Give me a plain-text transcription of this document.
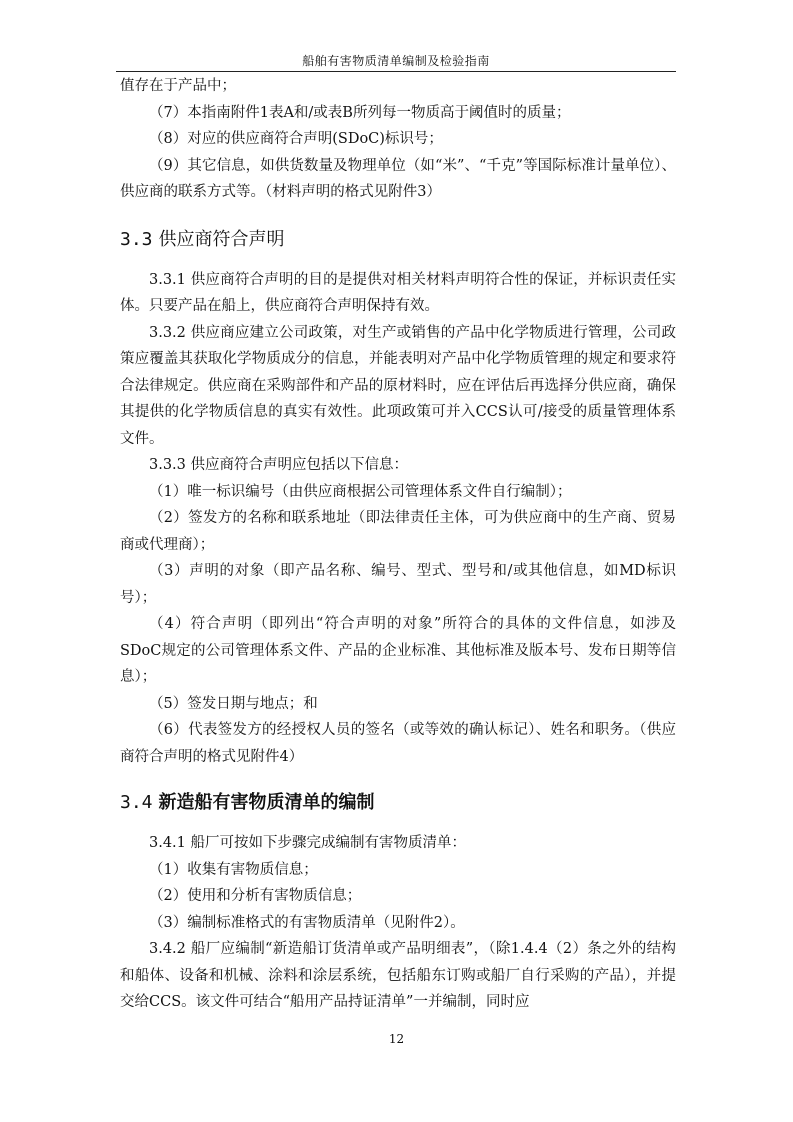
船舶有害物质清单编制及检验指南

值存在于产品中；

（7）本指南附件1表A和/或表B所列每一物质高于阈值时的质量；

（8）对应的供应商符合声明(SDoC)标识号；

（9）其它信息，如供货数量及物理单位（如“米”、“千克”等国际标准计量单位）、供应商的联系方式等。（材料声明的格式见附件3）

3.3 供应商符合声明

3.3.1 供应商符合声明的目的是提供对相关材料声明符合性的保证，并标识责任实体。只要产品在船上，供应商符合声明保持有效。

3.3.2 供应商应建立公司政策，对生产或销售的产品中化学物质进行管理，公司政策应覆盖其获取化学物质成分的信息，并能表明对产品中化学物质管理的规定和要求符合法律规定。供应商在采购部件和产品的原材料时，应在评估后再选择分供应商，确保其提供的化学物质信息的真实有效性。此项政策可并入CCS认可/接受的质量管理体系文件。

3.3.3 供应商符合声明应包括以下信息：

（1）唯一标识编号（由供应商根据公司管理体系文件自行编制）；

（2）签发方的名称和联系地址（即法律责任主体，可为供应商中的生产商、贸易商或代理商）；

（3）声明的对象（即产品名称、编号、型式、型号和/或其他信息，如MD标识号）；

（4）符合声明（即列出“符合声明的对象”所符合的具体的文件信息，如涉及SDoC规定的公司管理体系文件、产品的企业标准、其他标准及版本号、发布日期等信息）；

（5）签发日期与地点；和

（6）代表签发方的经授权人员的签名（或等效的确认标记）、姓名和职务。（供应商符合声明的格式见附件4）

3.4 新造船有害物质清单的编制

3.4.1 船厂可按如下步骤完成编制有害物质清单：

（1）收集有害物质信息；

（2）使用和分析有害物质信息；

（3）编制标准格式的有害物质清单（见附件2）。

3.4.2 船厂应编制“新造船订货清单或产品明细表”，（除1.4.4（2）条之外的结构和船体、设备和机械、涂料和涂层系统，包括船东订购或船厂自行采购的产品），并提交给CCS。该文件可结合“船用产品持证清单”一并编制，同时应

12
